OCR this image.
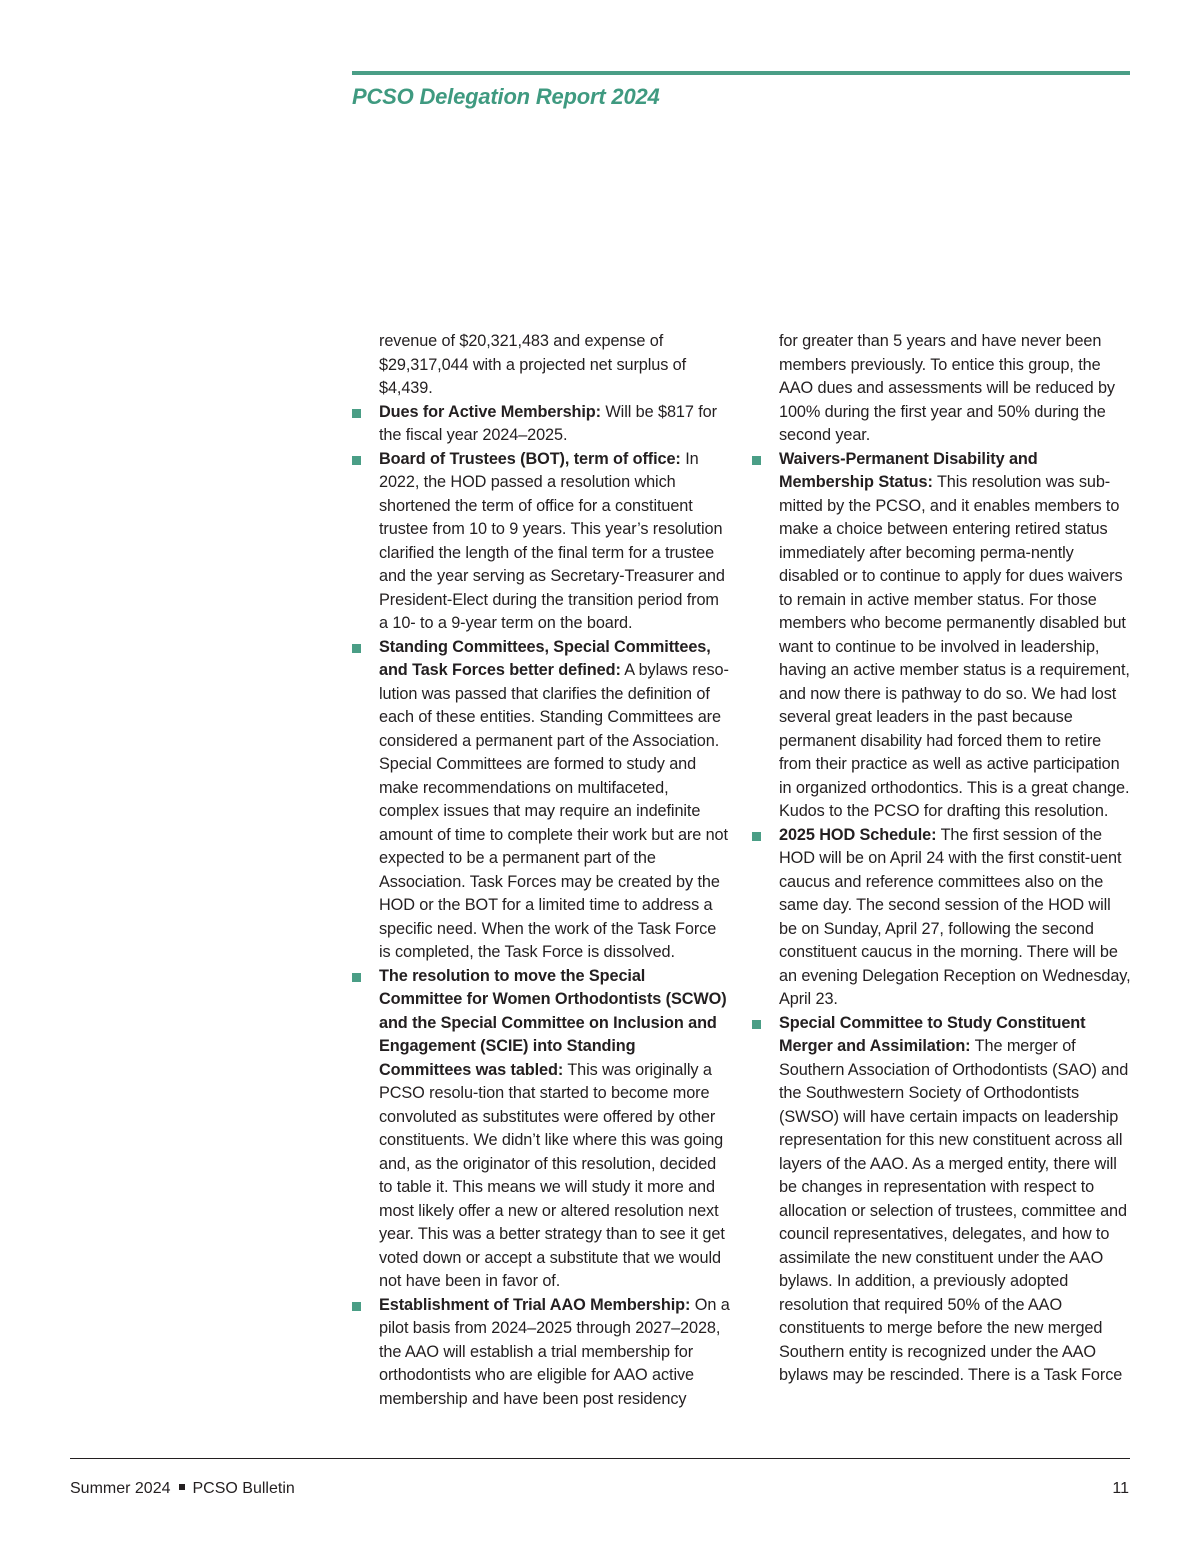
PCSO Delegation Report 2024
revenue of $20,321,483 and expense of $29,317,044 with a projected net surplus of $4,439.
Dues for Active Membership: Will be $817 for the fiscal year 2024–2025.
Board of Trustees (BOT), term of office: In 2022, the HOD passed a resolution which shortened the term of office for a constituent trustee from 10 to 9 years. This year’s resolution clarified the length of the final term for a trustee and the year serving as Secretary-Treasurer and President-Elect during the transition period from a 10- to a 9-year term on the board.
Standing Committees, Special Committees, and Task Forces better defined: A bylaws reso-lution was passed that clarifies the definition of each of these entities. Standing Committees are considered a permanent part of the Association. Special Committees are formed to study and make recommendations on multifaceted, complex issues that may require an indefinite amount of time to complete their work but are not expected to be a permanent part of the Association. Task Forces may be created by the HOD or the BOT for a limited time to address a specific need. When the work of the Task Force is completed, the Task Force is dissolved.
The resolution to move the Special Committee for Women Orthodontists (SCWO) and the Special Committee on Inclusion and Engagement (SCIE) into Standing Committees was tabled: This was originally a PCSO resolu-tion that started to become more convoluted as substitutes were offered by other constituents. We didn’t like where this was going and, as the originator of this resolution, decided to table it. This means we will study it more and most likely offer a new or altered resolution next year. This was a better strategy than to see it get voted down or accept a substitute that we would not have been in favor of.
Establishment of Trial AAO Membership: On a pilot basis from 2024–2025 through 2027–2028, the AAO will establish a trial membership for orthodontists who are eligible for AAO active membership and have been post residency
for greater than 5 years and have never been members previously. To entice this group, the AAO dues and assessments will be reduced by 100% during the first year and 50% during the second year.
Waivers-Permanent Disability and Membership Status: This resolution was sub-mitted by the PCSO, and it enables members to make a choice between entering retired status immediately after becoming perma-nently disabled or to continue to apply for dues waivers to remain in active member status. For those members who become permanently disabled but want to continue to be involved in leadership, having an active member status is a requirement, and now there is pathway to do so. We had lost several great leaders in the past because permanent disability had forced them to retire from their practice as well as active participation in organized orthodontics. This is a great change. Kudos to the PCSO for drafting this resolution.
2025 HOD Schedule: The first session of the HOD will be on April 24 with the first constit-uent caucus and reference committees also on the same day. The second session of the HOD will be on Sunday, April 27, following the second constituent caucus in the morning. There will be an evening Delegation Reception on Wednesday, April 23.
Special Committee to Study Constituent Merger and Assimilation: The merger of Southern Association of Orthodontists (SAO) and the Southwestern Society of Orthodontists (SWSO) will have certain impacts on leadership representation for this new constituent across all layers of the AAO. As a merged entity, there will be changes in representation with respect to allocation or selection of trustees, committee and council representatives, delegates, and how to assimilate the new constituent under the AAO bylaws. In addition, a previously adopted resolution that required 50% of the AAO constituents to merge before the new merged Southern entity is recognized under the AAO bylaws may be rescinded. There is a Task Force
Summer 2024 PCSO Bulletin	11
